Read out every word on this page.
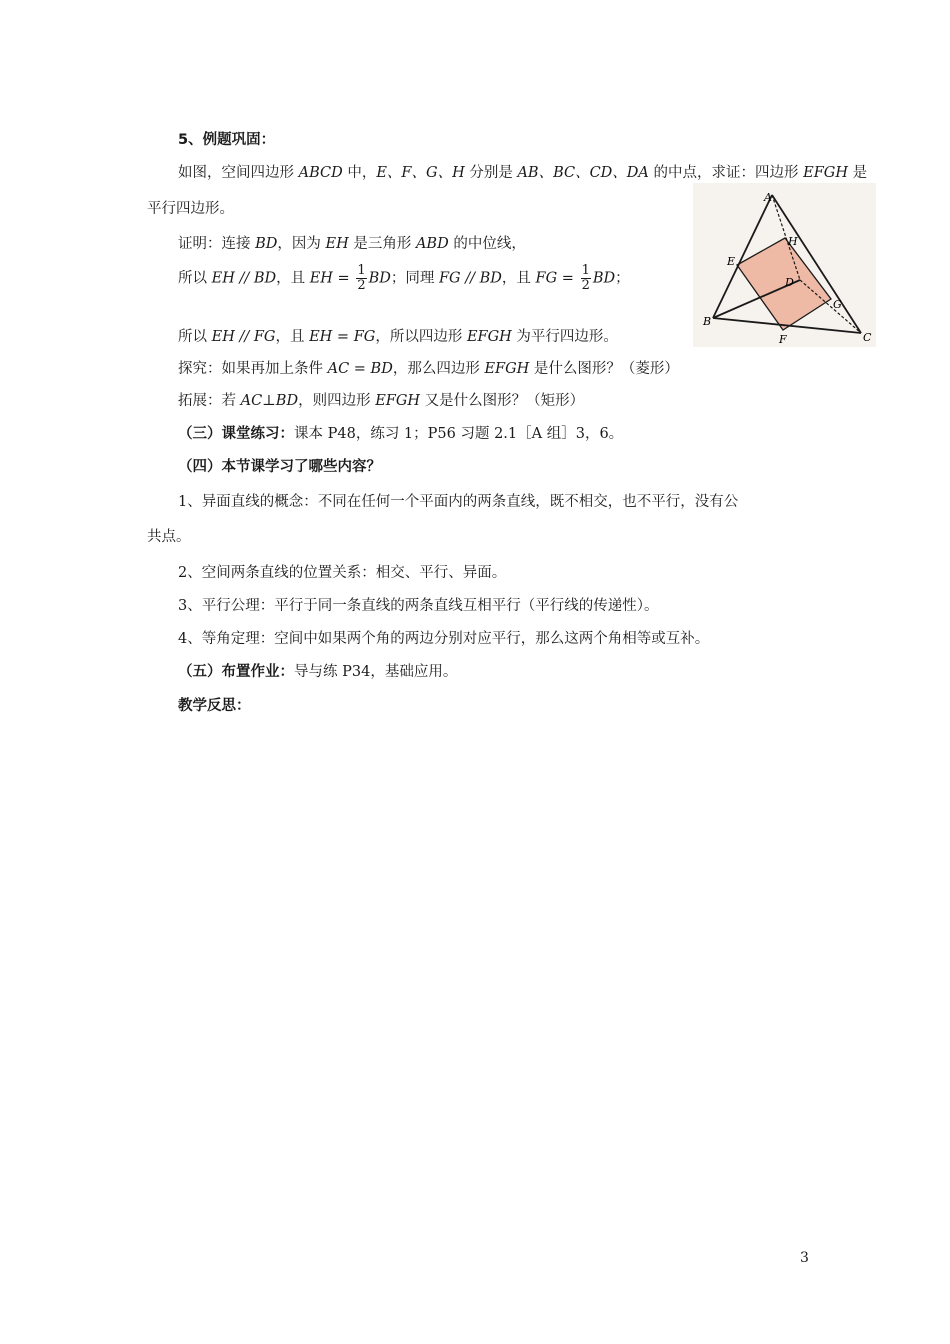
5、例题巩固：
如图，空间四边形 ABCD 中，E、F、G、H 分别是 AB、BC、CD、DA 的中点，求证：四边形 EFGH 是
平行四边形。
A
B
C
D
E
F
G
H
证明：连接 BD，因为 EH 是三角形 ABD 的中位线，
所以 EH // BD，且 EH = $\frac{1}{2}$ BD；同理 FG // BD，且 FG = $\frac{1}{2}$ BD；
所以 EH // FG，且 EH = FG，所以四边形 EFGH 为平行四边形。
探究：如果再加上条件 AC = BD，那么四边形 EFGH 是什么图形？（菱形）
拓展：若 AC⊥BD，则四边形 EFGH 又是什么图形？（矩形）
（三）课堂练习：课本 P48，练习 1；P56 习题 2.1［A 组］3，6。
（四）本节课学习了哪些内容？
1、异面直线的概念：不同在任何一个平面内的两条直线，既不相交，也不平行，没有公
共点。
2、空间两条直线的位置关系：相交、平行、异面。
3、平行公理：平行于同一条直线的两条直线互相平行（平行线的传递性）。
4、等角定理：空间中如果两个角的两边分别对应平行，那么这两个角相等或互补。
（五）布置作业：导与练 P34，基础应用。
教学反思：
3
